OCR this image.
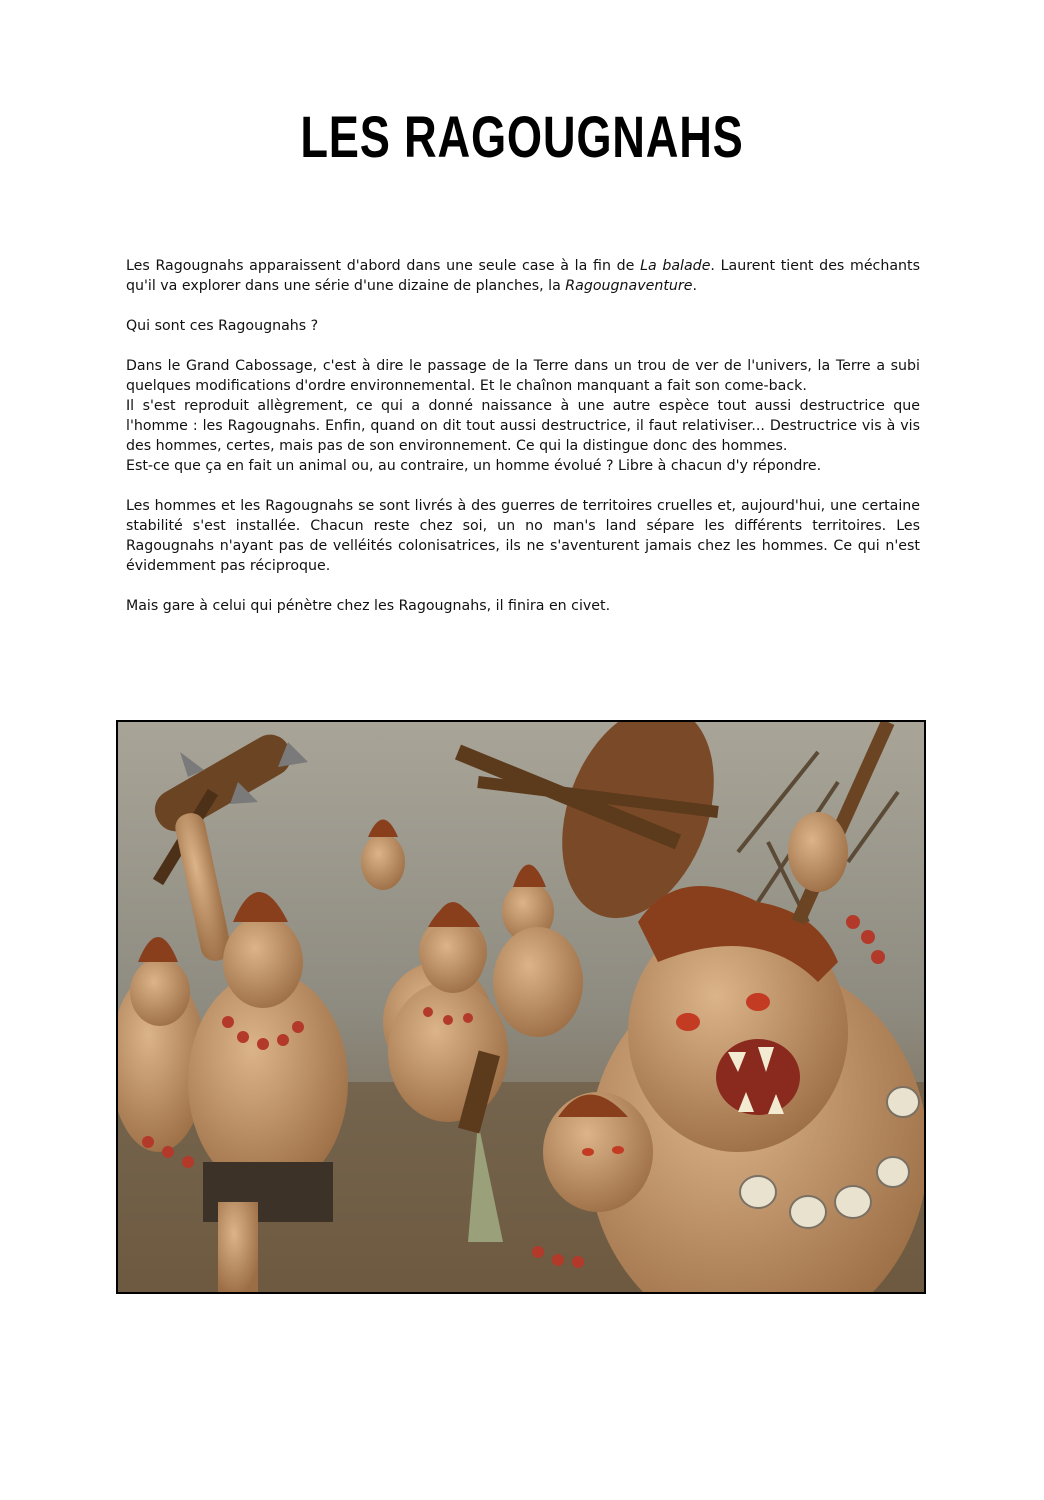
LES RAGOUGNAHS

Les Ragougnahs apparaissent d'abord dans une seule case à la fin de La balade. Laurent tient des méchants qu'il va explorer dans une série d'une dizaine de planches, la Ragougnaventure.

Qui sont ces Ragougnahs ?

Dans le Grand Cabossage, c'est à dire le passage de la Terre dans un trou de ver de l'univers, la Terre a subi quelques modifications d'ordre environnemental. Et le chaînon manquant a fait son come-back.

Il s'est reproduit allègrement, ce qui a donné naissance à une autre espèce tout aussi destructrice que l'homme : les Ragougnahs. Enfin, quand on dit tout aussi destructrice, il faut relativiser... Destructrice vis à vis des hommes, certes, mais pas de son environnement. Ce qui la distingue donc des hommes.

Est-ce que ça en fait un animal ou, au contraire, un homme évolué ? Libre à chacun d'y répondre.

Les hommes et les Ragougnahs se sont livrés à des guerres de territoires cruelles et, aujourd'hui, une certaine stabilité s'est installée. Chacun reste chez soi, un no man's land sépare les différents territoires. Les Ragougnahs n'ayant pas de velléités colonisatrices, ils ne s'aventurent jamais chez les hommes. Ce qui n'est évidemment pas réciproque.

Mais gare à celui qui pénètre chez les Ragougnahs, il finira en civet.
